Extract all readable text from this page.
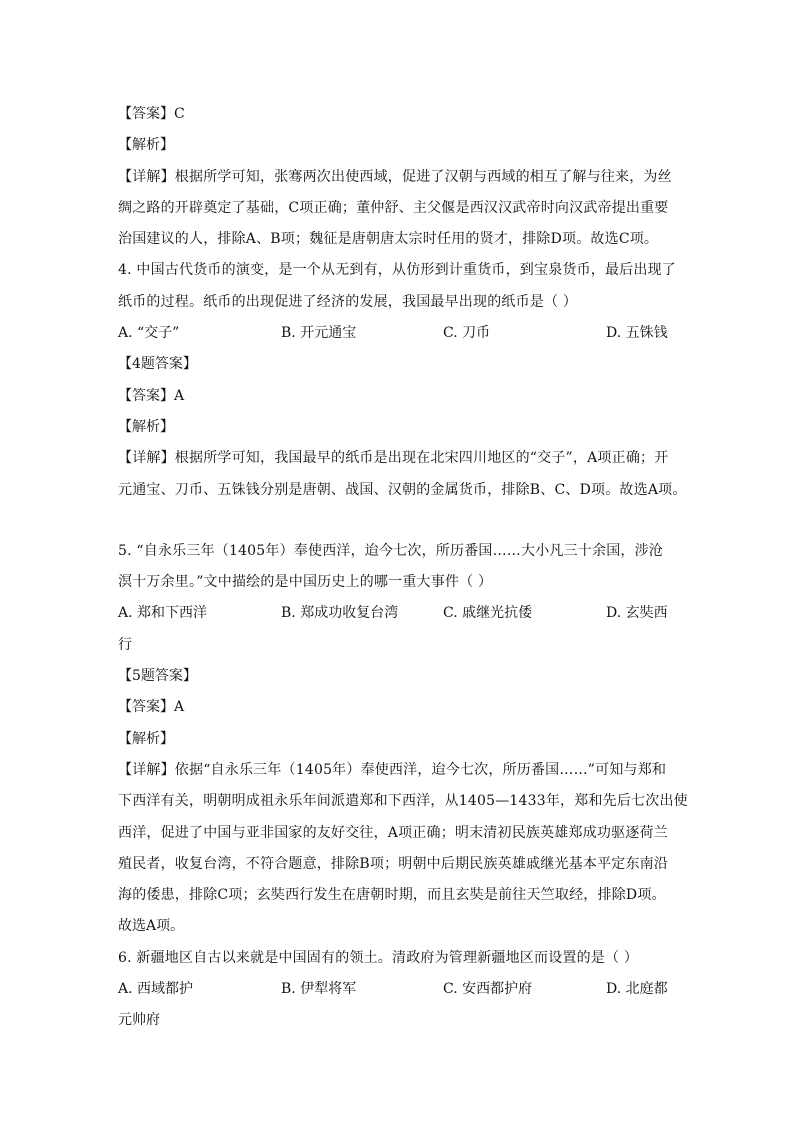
【答案】C
【解析】
【详解】根据所学可知，张骞两次出使西域，促进了汉朝与西域的相互了解与往来，为丝
绸之路的开辟奠定了基础，C项正确；董仲舒、主父偃是西汉汉武帝时向汉武帝提出重要
治国建议的人，排除A、B项；魏征是唐朝唐太宗时任用的贤才，排除D项。故选C项。
4. 中国古代货币的演变，是一个从无到有，从仿形到计重货币，到宝泉货币，最后出现了
纸币的过程。纸币的出现促进了经济的发展，我国最早出现的纸币是（ ）
A. “交子”	B. 开元通宝	C. 刀币	D. 五铢钱
【4题答案】
【答案】A
【解析】
【详解】根据所学可知，我国最早的纸币是出现在北宋四川地区的“交子”，A项正确；开
元通宝、刀币、五铢钱分别是唐朝、战国、汉朝的金属货币，排除B、C、D项。故选A项。
5. “自永乐三年（1405年）奉使西洋，迨今七次，所历番国……大小凡三十余国，涉沧
溟十万余里。”文中描绘的是中国历史上的哪一重大事件（ ）
A. 郑和下西洋	B. 郑成功收复台湾	C. 戚继光抗倭	D. 玄奘西
行
【5题答案】
【答案】A
【解析】
【详解】依据“自永乐三年（1405年）奉使西洋，迨今七次，所历番国……”可知与郑和
下西洋有关，明朝明成祖永乐年间派遣郑和下西洋，从1405—1433年，郑和先后七次出使
西洋，促进了中国与亚非国家的友好交往，A项正确；明末清初民族英雄郑成功驱逐荷兰
殖民者，收复台湾，不符合题意，排除B项；明朝中后期民族英雄戚继光基本平定东南沿
海的倭患，排除C项；玄奘西行发生在唐朝时期，而且玄奘是前往天竺取经，排除D项。
故选A项。
6. 新疆地区自古以来就是中国固有的领土。清政府为管理新疆地区而设置的是（ ）
A. 西域都护	B. 伊犁将军	C. 安西都护府	D. 北庭都
元帅府
